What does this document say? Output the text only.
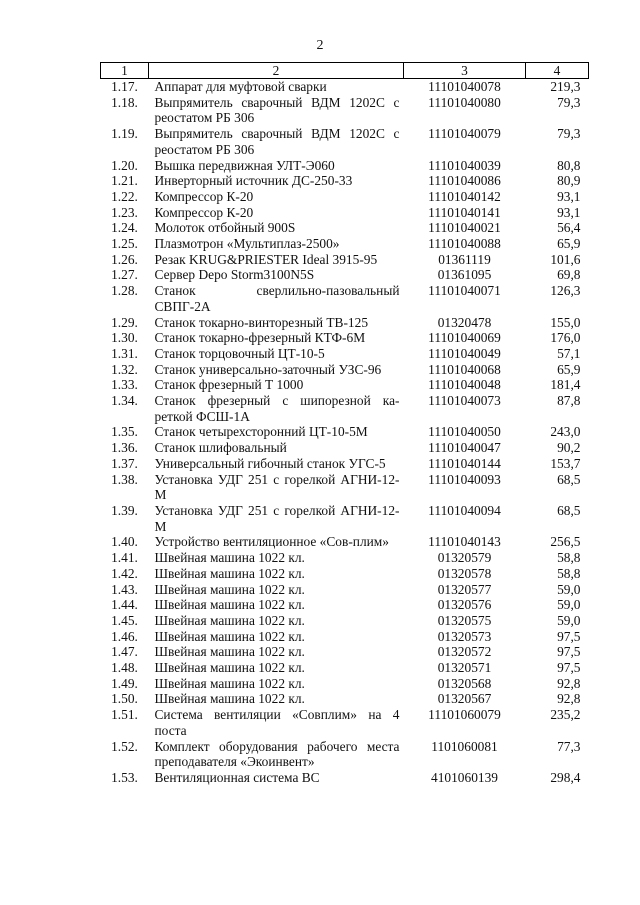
2
1	2	3	4
1.17.	Аппарат для муфтовой сварки	11101040078	219,3
1.18.	Выпрямитель сварочный ВДМ 1202С с реостатом РБ 306	11101040080	79,3
1.19.	Выпрямитель сварочный ВДМ 1202С с реостатом РБ 306	11101040079	79,3
1.20.	Вышка передвижная УЛТ-Э060	11101040039	80,8
1.21.	Инверторный источник ДС-250-33	11101040086	80,9
1.22.	Компрессор К-20	11101040142	93,1
1.23.	Компрессор К-20	11101040141	93,1
1.24.	Молоток отбойный 900S	11101040021	56,4
1.25.	Плазмотрон «Мультиплаз-2500»	11101040088	65,9
1.26.	Резак KRUG&PRIESTER Ideal 3915-95	01361119	101,6
1.27.	Сервер Depo Storm3100N5S	01361095	69,8
1.28.	Станок сверлильно-пазовальный СВПГ-2А	11101040071	126,3
1.29.	Станок токарно-винторезный ТВ-125	01320478	155,0
1.30.	Станок токарно-фрезерный КТФ-6М	11101040069	176,0
1.31.	Станок торцовочный ЦТ-10-5	11101040049	57,1
1.32.	Станок универсально-заточный УЗС-96	11101040068	65,9
1.33.	Станок фрезерный Т 1000	11101040048	181,4
1.34.	Станок фрезерный с шипорезной ка-реткой ФСШ-1А	11101040073	87,8
1.35.	Станок четырехсторонний ЦТ-10-5М	11101040050	243,0
1.36.	Станок шлифовальный	11101040047	90,2
1.37.	Универсальный гибочный станок УГС-5	11101040144	153,7
1.38.	Установка УДГ 251 с горелкой АГНИ-12-М	11101040093	68,5
1.39.	Установка УДГ 251 с горелкой АГНИ-12-М	11101040094	68,5
1.40.	Устройство вентиляционное «Сов-плим»	11101040143	256,5
1.41.	Швейная машина 1022 кл.	01320579	58,8
1.42.	Швейная машина 1022 кл.	01320578	58,8
1.43.	Швейная машина 1022 кл.	01320577	59,0
1.44.	Швейная машина 1022 кл.	01320576	59,0
1.45.	Швейная машина 1022 кл.	01320575	59,0
1.46.	Швейная машина 1022 кл.	01320573	97,5
1.47.	Швейная машина 1022 кл.	01320572	97,5
1.48.	Швейная машина 1022 кл.	01320571	97,5
1.49.	Швейная машина 1022 кл.	01320568	92,8
1.50.	Швейная машина 1022 кл.	01320567	92,8
1.51.	Система вентиляции «Совплим» на 4 поста	11101060079	235,2
1.52.	Комплект оборудования рабочего места преподавателя «Экоинвент»	1101060081	77,3
1.53.	Вентиляционная система ВС	4101060139	298,4
